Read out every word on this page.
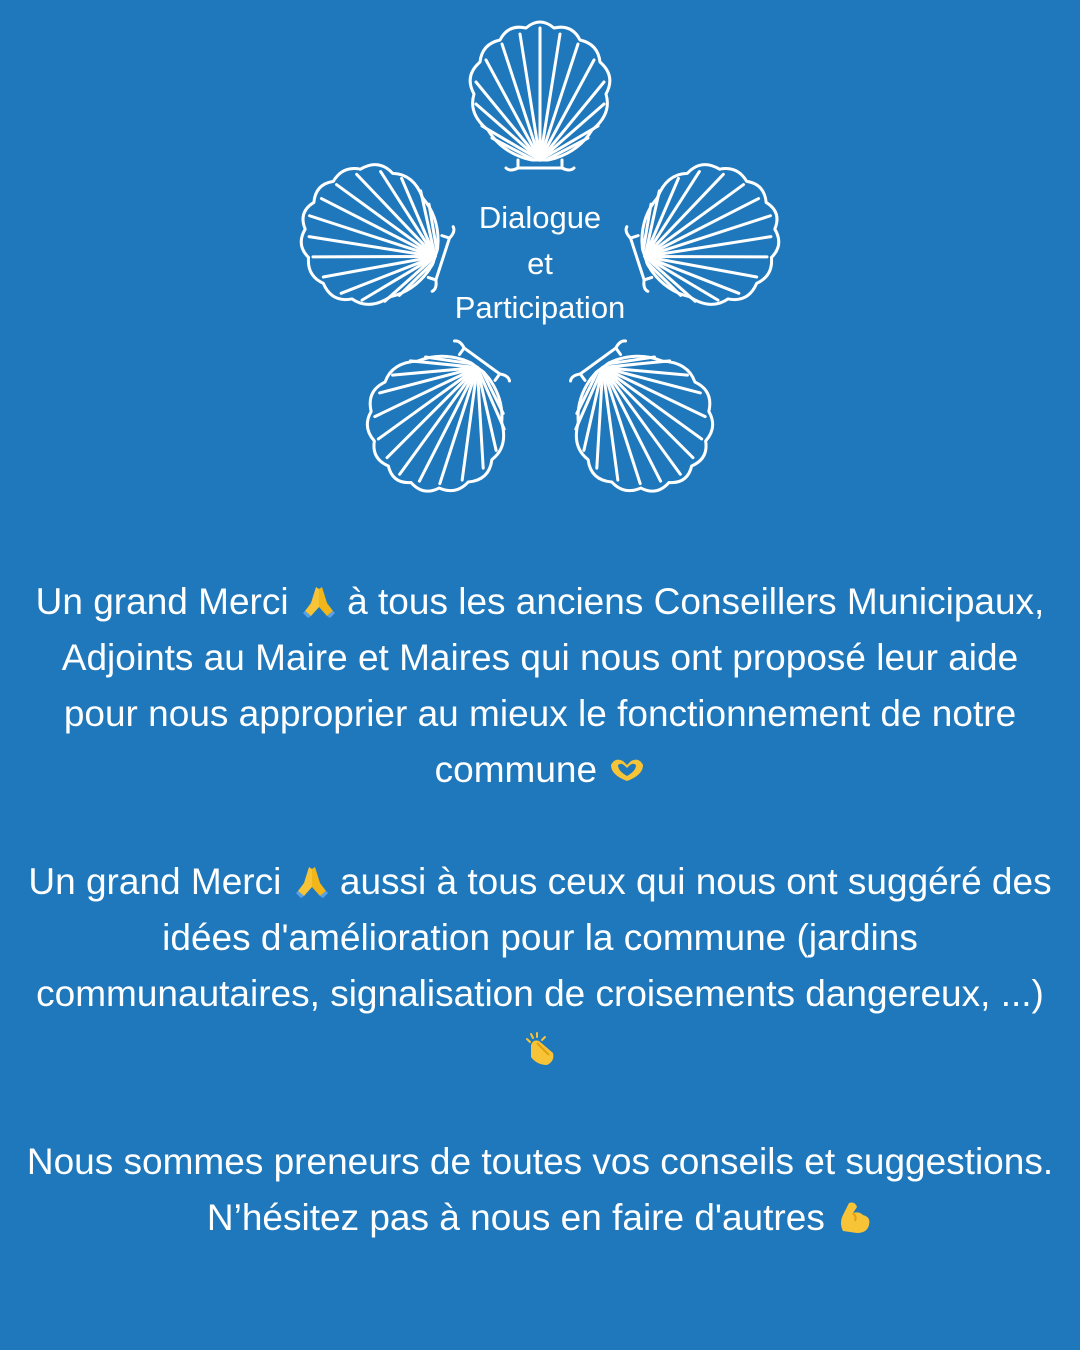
Dialogue
et
Participation

Un grand Merci  à tous les anciens Conseillers Municipaux, Adjoints au Maire et Maires qui nous ont proposé leur aide pour nous approprier au mieux le fonctionnement de notre commune

Un grand Merci  aussi à tous ceux qui nous ont suggéré des idées d'amélioration pour la commune (jardins communautaires, signalisation de croisements dangereux, ...)

Nous sommes preneurs de toutes vos conseils et suggestions. N’hésitez pas à nous en faire d'autres
